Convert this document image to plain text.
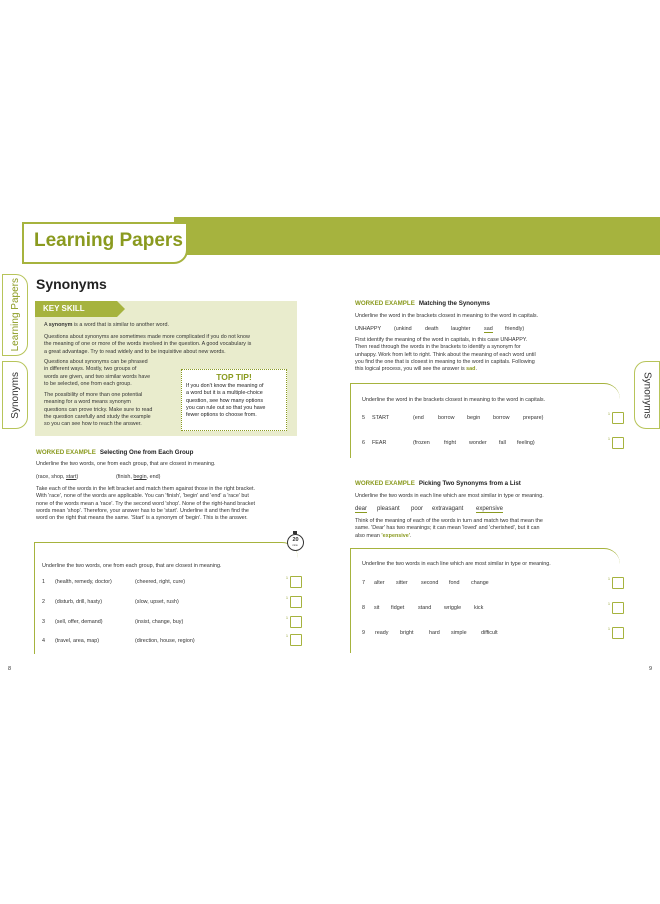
Learning Papers
Learning Papers
Synonyms	Synonyms
Synonyms
KEY SKILL
A synonym is a word that is similar to another word.
Questions about synonyms are sometimes made more complicated if you do not know
the meaning of one or more of the words involved in the question. A good vocabulary is
a great advantage. Try to read widely and to be inquisitive about new words.
Questions about synonyms can be phrased
in different ways. Mostly, two groups of
words are given, and two similar words have
to be selected, one from each group.
The possibility of more than one potential
meaning for a word means synonym
questions can prove tricky. Make sure to read
the question carefully and study the example
so you can see how to reach the answer.
TOP TIP!
If you don't know the meaning of
a word but it is a multiple-choice
question, see how many options
you can rule out so that you have
fewer options to choose from.
WORKED EXAMPLE Selecting One from Each Group
Underline the two words, one from each group, that are closest in meaning.
(race, shop, start)	(finish, begin, end)
Take each of the words in the left bracket and match them against those in the right bracket.
With 'race', none of the words are applicable. You can 'finish', 'begin' and 'end' a 'race' but
none of the words mean a 'race'. Try the second word 'shop'. None of the right-hand bracket
words mean 'shop'. Therefore, your answer has to be 'start'. Underline it and then find the
word on the right that means the same. 'Start' is a synonym of 'begin'. This is the answer.
20
mins
Underline the two words, one from each group, that are closest in meaning.
1 (health, remedy, doctor)	(cheered, right, cure)
1
2 (disturb, drill, hasty)	(slow, upset, rush)
1
3 (sell, offer, demand)	(insist, change, buy)
1
4 (travel, area, map)	(direction, house, region)
1
8
WORKED EXAMPLE Matching the Synonyms
Underline the word in the brackets closest in meaning to the word in capitals.
UNHAPPY (unkind death laughter	sad friendly)
First identify the meaning of the word in capitals, in this case UNHAPPY.
Then read through the words in the brackets to identify a synonym for
unhappy. Work from left to right. Think about the meaning of each word until
you find the one that is closest in meaning to the word in capitals. Following
this logical process, you will see the answer is sad.
Underline the word in the brackets closest in meaning to the word in capitals.
5 START	(end	borrow begin borrow	prepare)
1
6 FEAR	(frozen	fright wonder fall feeling)
1
WORKED EXAMPLE Picking Two Synonyms from a List
Underline the two words in each line which are most similar in type or meaning.
dear pleasant poor extravagant expensive
Think of the meaning of each of the words in turn and match two that mean the
same. 'Dear' has two meanings; it can mean 'loved' and 'cherished', but it can
also mean 'expensive'.
Underline the two words in each line which are most similar in type or meaning.
7 alter sitter second fond change
1
8 sit fidget	stand wriggle kick
1
9 ready bright	hard simple	difficult
1
9
